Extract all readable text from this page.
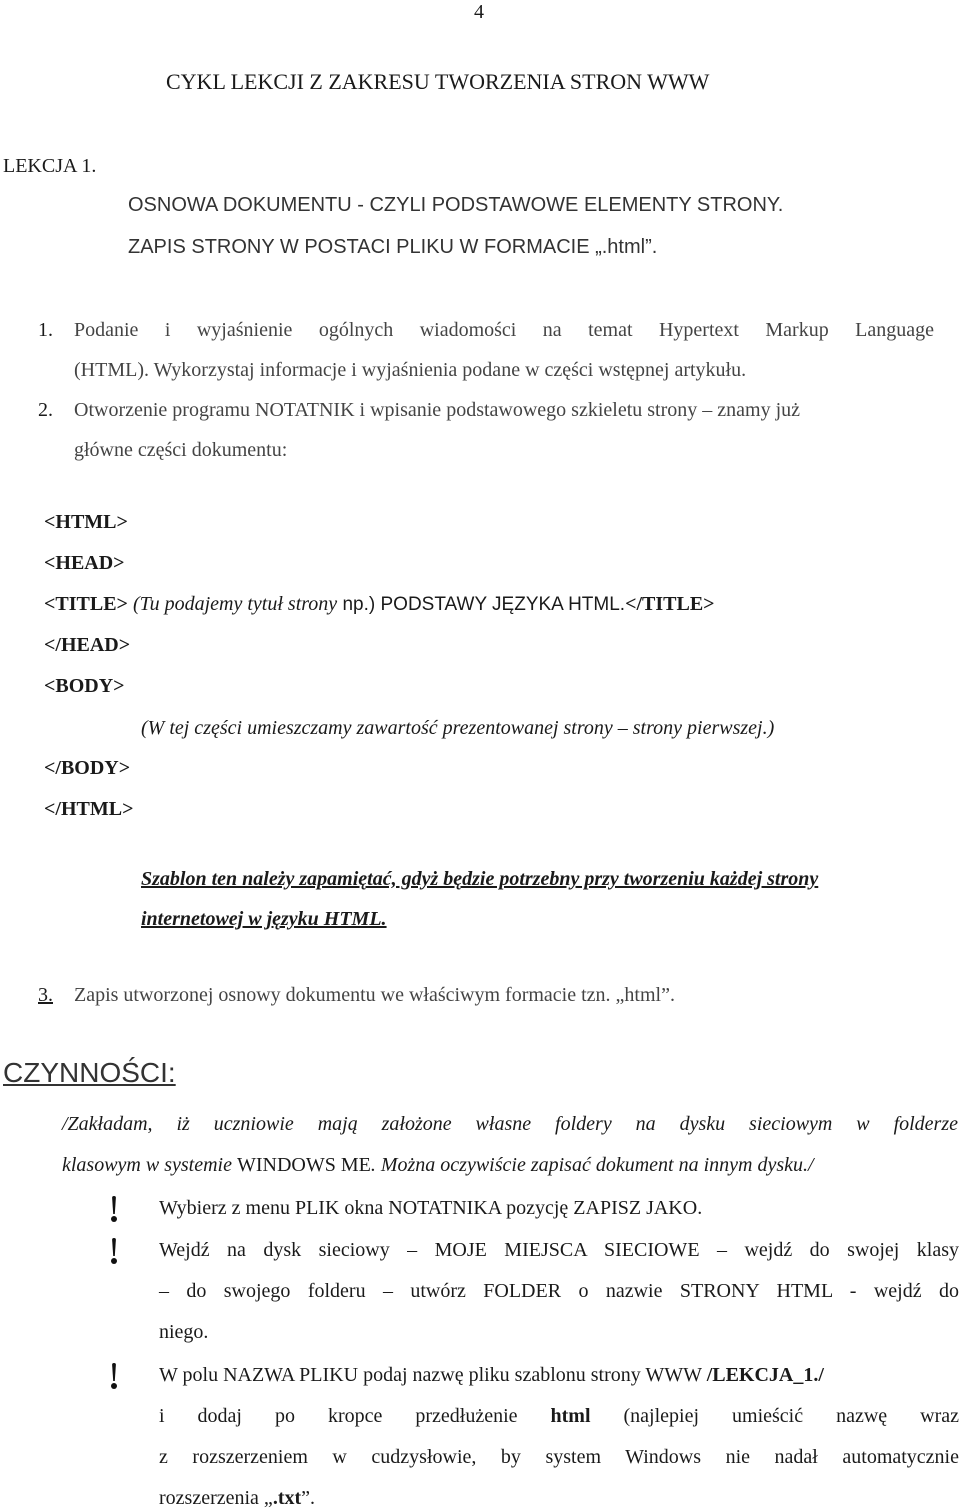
4
CYKL LEKCJI Z ZAKRESU TWORZENIA STRON WWW
LEKCJA 1.
OSNOWA DOKUMENTU - CZYLI PODSTAWOWE ELEMENTY STRONY.
ZAPIS STRONY W POSTACI PLIKU W FORMACIE „.html”.
1. Podanie i wyjaśnienie ogólnych wiadomości na temat Hypertext Markup Language
(HTML). Wykorzystaj informacje i wyjaśnienia podane w części wstępnej artykułu.
2. Otworzenie programu NOTATNIK i wpisanie podstawowego szkieletu strony – znamy już
główne części dokumentu:
<HTML>
<HEAD>
<TITLE> (Tu podajemy tytuł strony np.) PODSTAWY JĘZYKA HTML.</TITLE>
</HEAD>
<BODY>
(W tej części umieszczamy zawartość prezentowanej strony – strony pierwszej.)
</BODY>
</HTML>
Szablon ten należy zapamiętać, gdyż będzie potrzebny przy tworzeniu każdej strony
internetowej w języku HTML.
3. Zapis utworzonej osnowy dokumentu we właściwym formacie tzn. „html”.
CZYNNOŚCI:
/Zakładam, iż uczniowie mają założone własne foldery na dysku sieciowym w folderze
klasowym w systemie WINDOWS ME. Można oczywiście zapisać dokument na innym dysku./
Wybierz z menu PLIK okna NOTATNIKA pozycję ZAPISZ JAKO.
Wejdź na dysk sieciowy – MOJE MIEJSCA SIECIOWE – wejdź do swojej klasy
– do swojego folderu – utwórz FOLDER o nazwie STRONY HTML - wejdź do
niego.
W polu NAZWA PLIKU podaj nazwę pliku szablonu strony WWW /LEKCJA_1./
i dodaj po kropce przedłużenie html (najlepiej umieścić nazwę wraz
z rozszerzeniem w cudzysłowie, by system Windows nie nadał automatycznie
rozszerzenia „.txt”.
